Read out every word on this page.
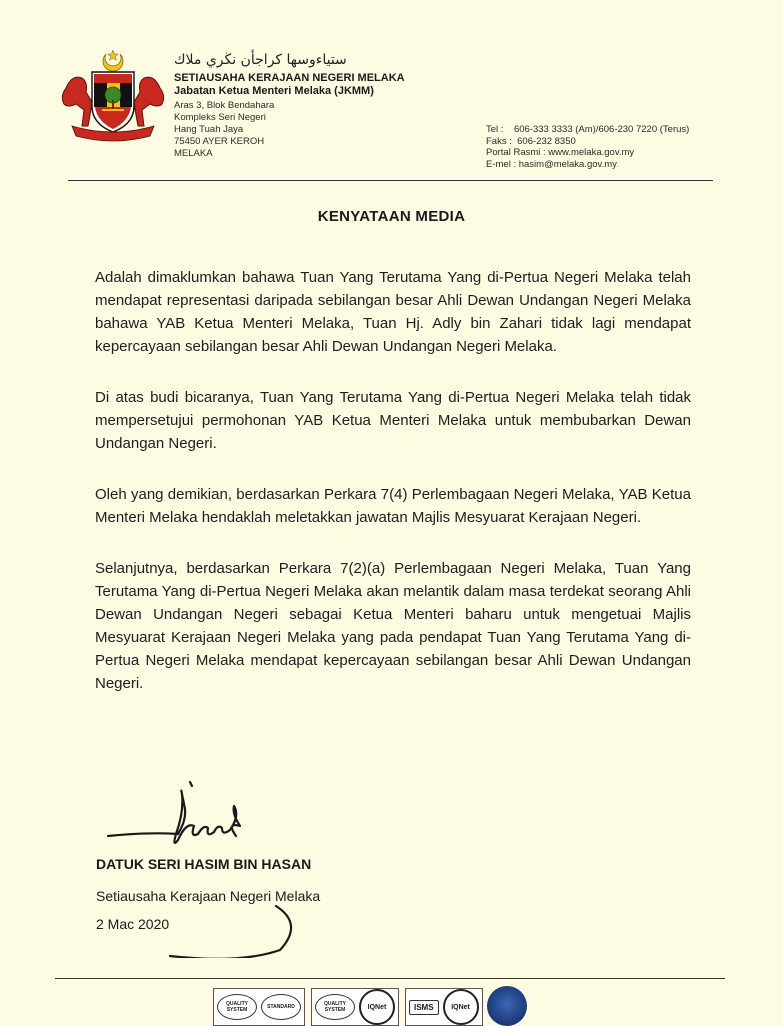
ستياءوسها کراجأن نڬري ملاك

SETIAUSAHA KERAJAAN NEGERI MELAKA

Jabatan Ketua Menteri Melaka (JKMM)

Aras 3, Blok Bendahara

Kompleks Seri Negeri

Hang Tuah Jaya

75450 AYER KEROH

MELAKA

Tel :    606-333 3333 (Am)/606-230 7220 (Terus)

Faks :  606-232 8350

Portal Rasmi : www.melaka.gov.my

E-mel : hasim@melaka.gov.my

KENYATAAN MEDIA

Adalah dimaklumkan bahawa Tuan Yang Terutama Yang di-Pertua Negeri Melaka telah mendapat representasi daripada sebilangan besar Ahli Dewan Undangan Negeri Melaka bahawa YAB Ketua Menteri Melaka, Tuan Hj. Adly bin Zahari tidak lagi mendapat kepercayaan sebilangan besar Ahli Dewan Undangan Negeri Melaka.

Di atas budi bicaranya, Tuan Yang Terutama Yang di-Pertua Negeri Melaka telah tidak mempersetujui permohonan YAB Ketua Menteri Melaka untuk membubarkan Dewan Undangan Negeri.

Oleh yang demikian, berdasarkan Perkara 7(4) Perlembagaan Negeri Melaka, YAB Ketua Menteri Melaka hendaklah meletakkan jawatan Majlis Mesyuarat Kerajaan Negeri.

Selanjutnya, berdasarkan Perkara 7(2)(a) Perlembagaan Negeri Melaka, Tuan Yang Terutama Yang di-Pertua Negeri Melaka akan melantik dalam masa terdekat seorang Ahli Dewan Undangan Negeri sebagai Ketua Menteri baharu untuk mengetuai Majlis Mesyuarat Kerajaan Negeri Melaka yang pada pendapat Tuan Yang Terutama Yang di-Pertua Negeri Melaka mendapat kepercayaan sebilangan besar Ahli Dewan Undangan Negeri.

DATUK SERI HASIM BIN HASAN

Setiausaha Kerajaan Negeri Melaka

2 Mac 2020

QUALITY SYSTEM	STANDARD	QUALITY SYSTEM	IQNet	ISMS	IQNet
